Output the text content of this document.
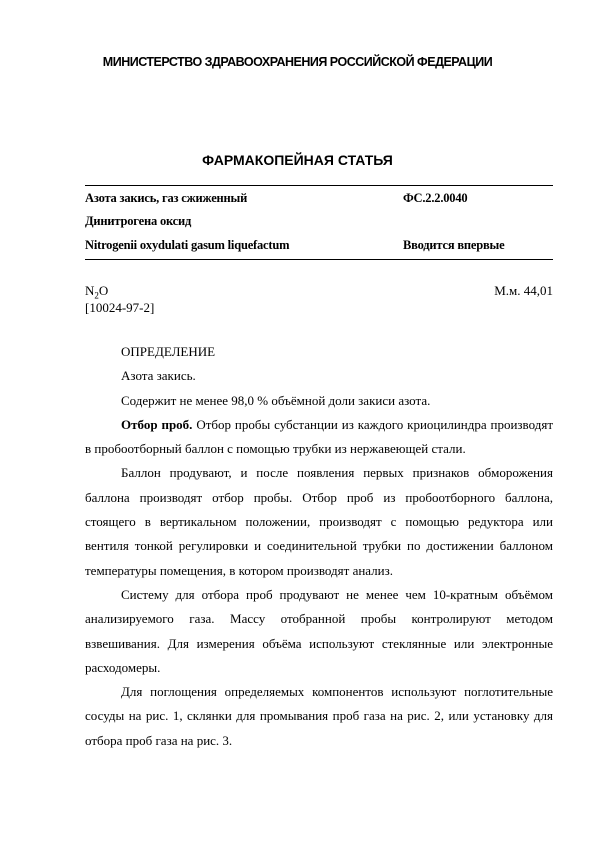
МИНИСТЕРСТВО ЗДРАВООХРАНЕНИЯ РОССИЙСКОЙ ФЕДЕРАЦИИ
ФАРМАКОПЕЙНАЯ СТАТЬЯ
Азота закись, газ сжиженный	ФС.2.2.0040
Динитрогена оксид
Nitrogenii oxydulati gasum liquefactum	Вводится впервые
$N_2O$
[10024-97-2]
М.м. 44,01

ОПРЕДЕЛЕНИЕ

Азота закись.

Содержит не менее 98,0 % объёмной доли закиси азота.

Отбор проб. Отбор пробы субстанции из каждого криоцилиндра производят в пробоотборный баллон с помощью трубки из нержавеющей стали.

Баллон продувают, и после появления первых признаков обморожения баллона производят отбор пробы. Отбор проб из пробоотборного баллона, стоящего в вертикальном положении, производят с помощью редуктора или вентиля тонкой регулировки и соединительной трубки по достижении баллоном температуры помещения, в котором производят анализ.

Систему для отбора проб продувают не менее чем 10-кратным объёмом анализируемого газа. Массу отобранной пробы контролируют методом взвешивания. Для измерения объёма используют стеклянные или электронные расходомеры.

Для поглощения определяемых компонентов используют поглотительные сосуды на рис. 1, склянки для промывания проб газа на рис. 2, или установку для отбора проб газа на рис. 3.
